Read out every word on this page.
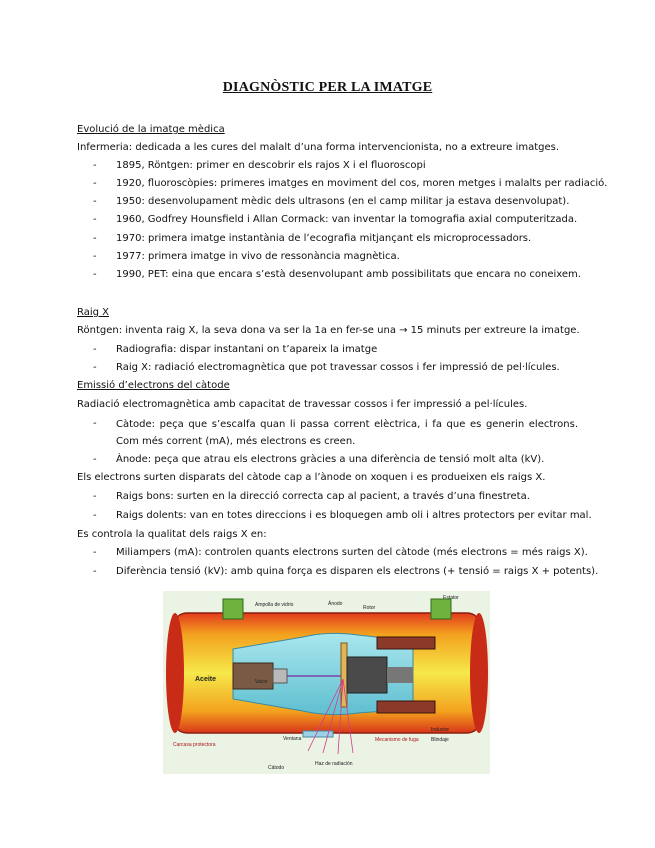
DIAGNÒSTIC PER LA IMATGE
Evolució de la imatge mèdica
Infermeria: dedicada a les cures del malalt d’una forma intervencionista, no a extreure imatges.
- 1895, Röntgen: primer en descobrir els rajos X i el fluoroscopi
- 1920, fluoroscòpies: primeres imatges en moviment del cos, moren metges i malalts per radiació.
- 1950: desenvolupament mèdic dels ultrasons (en el camp militar ja estava desenvolupat).
- 1960, Godfrey Hounsfield i Allan Cormack: van inventar la tomografia axial computeritzada.
- 1970: primera imatge instantània de l’ecografia mitjançant els microprocessadors.
- 1977: primera imatge in vivo de ressonància magnètica.
- 1990, PET: eina que encara s’està desenvolupant amb possibilitats que encara no coneixem.
Raig X
Röntgen: inventa raig X, la seva dona va ser la 1a en fer-se una → 15 minuts per extreure la imatge.
- Radiografia: dispar instantani on t’apareix la imatge
- Raig X: radiació electromagnètica que pot travessar cossos i fer impressió de pel·lícules.
Emissió d’electrons del càtode
Radiació electromagnètica amb capacitat de travessar cossos i fer impressió a pel·lícules.
- Càtode: peça que s’escalfa quan li passa corrent elèctrica, i fa que es generin electrons. Com més corrent (mA), més electrons es creen.
- Ànode: peça que atrau els electrons gràcies a una diferència de tensió molt alta (kV).
Els electrons surten disparats del càtode cap a l’ànode on xoquen i es produeixen els raigs X.
- Raigs bons: surten en la direcció correcta cap al pacient, a través d’una finestreta.
- Raigs dolents: van en totes direccions i es bloquegen amb oli i altres protectors per evitar mal.
Es controla la qualitat dels raigs X en:
- Miliampers (mA): controlen quants electrons surten del càtode (més electrons = més raigs X).
- Diferència tensió (kV): amb quina força es disparen els electrons (+ tensió = raigs X + potents).
Aceite	Vacío
Ánodo
Rotor
Estator
Ampolla de vidrio
Carcasa protectora
Ventana
Cátodo
Haz de radiación
Inductor
Blindaje
Mecanismo de fuga
